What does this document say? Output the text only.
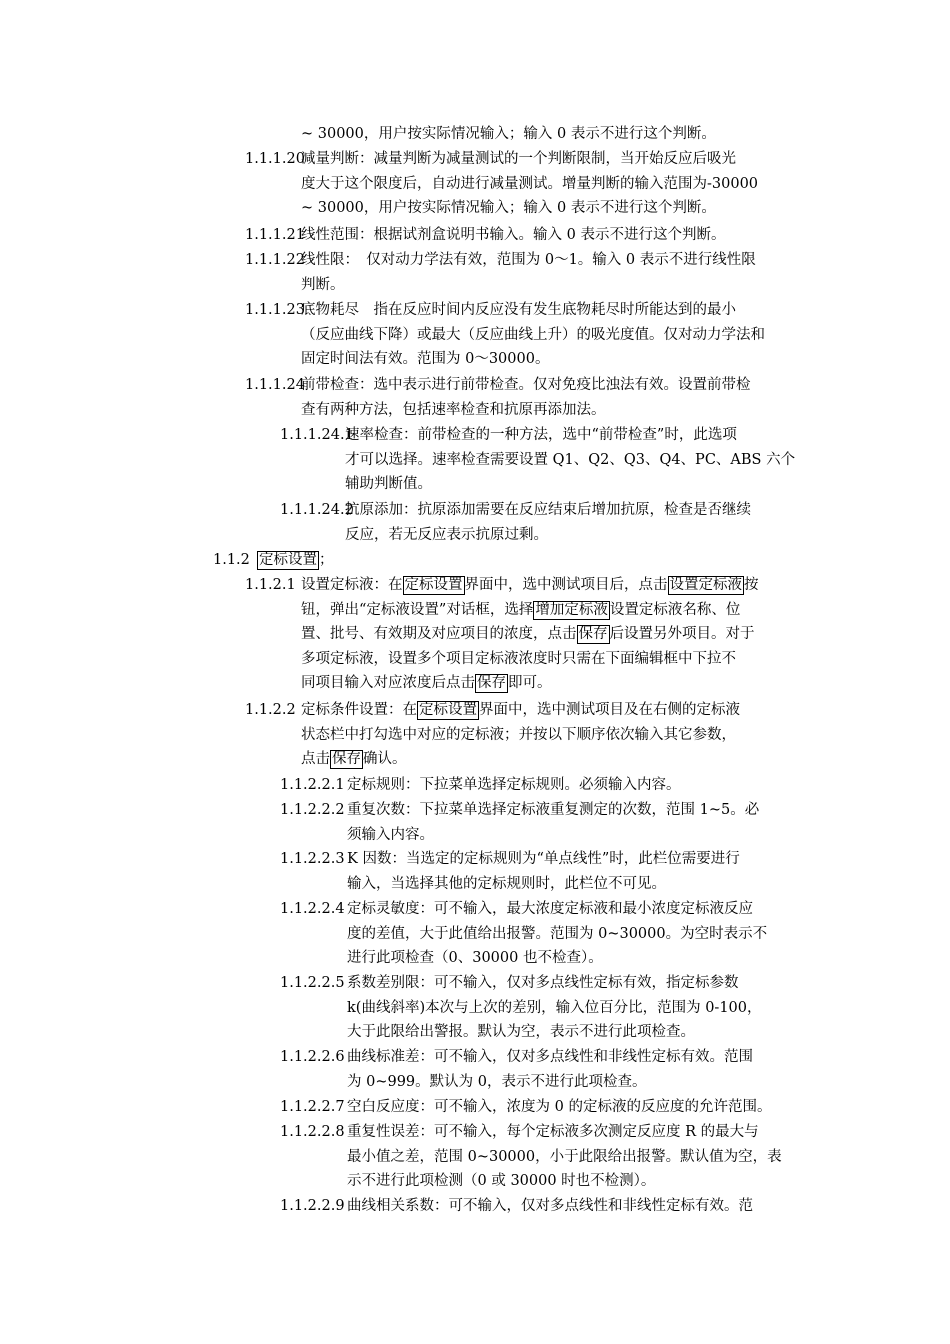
~ 30000，用户按实际情况输入；输入 0 表示不进行这个判断。
1.1.1.20
减量判断：减量判断为减量测试的一个判断限制，当开始反应后吸光
度大于这个限度后，自动进行减量测试。增量判断的输入范围为-30000
~ 30000，用户按实际情况输入；输入 0 表示不进行这个判断。
1.1.1.21
线性范围：根据试剂盒说明书输入。输入 0 表示不进行这个判断。
1.1.1.22
线性限：　仅对动力学法有效，范围为 0～1。输入 0 表示不进行线性限
判断。
1.1.1.23
底物耗尽　指在反应时间内反应没有发生底物耗尽时所能达到的最小
（反应曲线下降）或最大（反应曲线上升）的吸光度值。仅对动力学法和
固定时间法有效。范围为 0～30000。
1.1.1.24
前带检查：选中表示进行前带检查。仅对免疫比浊法有效。设置前带检
查有两种方法，包括速率检查和抗原再添加法。
1.1.1.24.1
速率检查：前带检查的一种方法，选中“前带检查”时，此选项
才可以选择。速率检查需要设置 Q1、Q2、Q3、Q4、PC、ABS 六个
辅助判断值。
1.1.1.24.2
抗原添加：抗原添加需要在反应结束后增加抗原，检查是否继续
反应，若无反应表示抗原过剩。
1.1.2 定标设置 ；
1.1.2.1 设置定标液：在 定标设置 界面中，选中测试项目后，点击 设置定标液 按
钮，弹出“定标液设置”对话框，选择 增加定标液 设置定标液名称、位
置、批号、有效期及对应项目的浓度，点击 保存 后设置另外项目。对于
多项定标液，设置多个项目定标液浓度时只需在下面编辑框中下拉不
同项目输入对应浓度后点击 保存 即可。
1.1.2.2 定标条件设置：在 定标设置 界面中，选中测试项目及在右侧的定标液
状态栏中打勾选中对应的定标液；并按以下顺序依次输入其它参数，
点击 保存 确认。
1.1.2.2.1 定标规则：下拉菜单选择定标规则。必须输入内容。
1.1.2.2.2 重复次数：下拉菜单选择定标液重复测定的次数，范围 1~5。必
须输入内容。
1.1.2.2.3 K 因数：当选定的定标规则为“单点线性”时，此栏位需要进行
输入，当选择其他的定标规则时，此栏位不可见。
1.1.2.2.4 定标灵敏度：可不输入，最大浓度定标液和最小浓度定标液反应
度的差值，大于此值给出报警。范围为 0~30000。为空时表示不
进行此项检查（0、30000 也不检查）。
1.1.2.2.5 系数差别限：可不输入，仅对多点线性定标有效，指定标参数
k(曲线斜率)本次与上次的差别，输入位百分比，范围为 0-100，
大于此限给出警报。默认为空，表示不进行此项检查。
1.1.2.2.6 曲线标准差：可不输入，仅对多点线性和非线性定标有效。范围
为 0~999。默认为 0，表示不进行此项检查。
1.1.2.2.7 空白反应度：可不输入，浓度为 0 的定标液的反应度的允许范围。
1.1.2.2.8 重复性误差：可不输入，每个定标液多次测定反应度 R 的最大与
最小值之差，范围 0~30000，小于此限给出报警。默认值为空，表
示不进行此项检测（0 或 30000 时也不检测）。
1.1.2.2.9 曲线相关系数：可不输入，仅对多点线性和非线性定标有效。范
